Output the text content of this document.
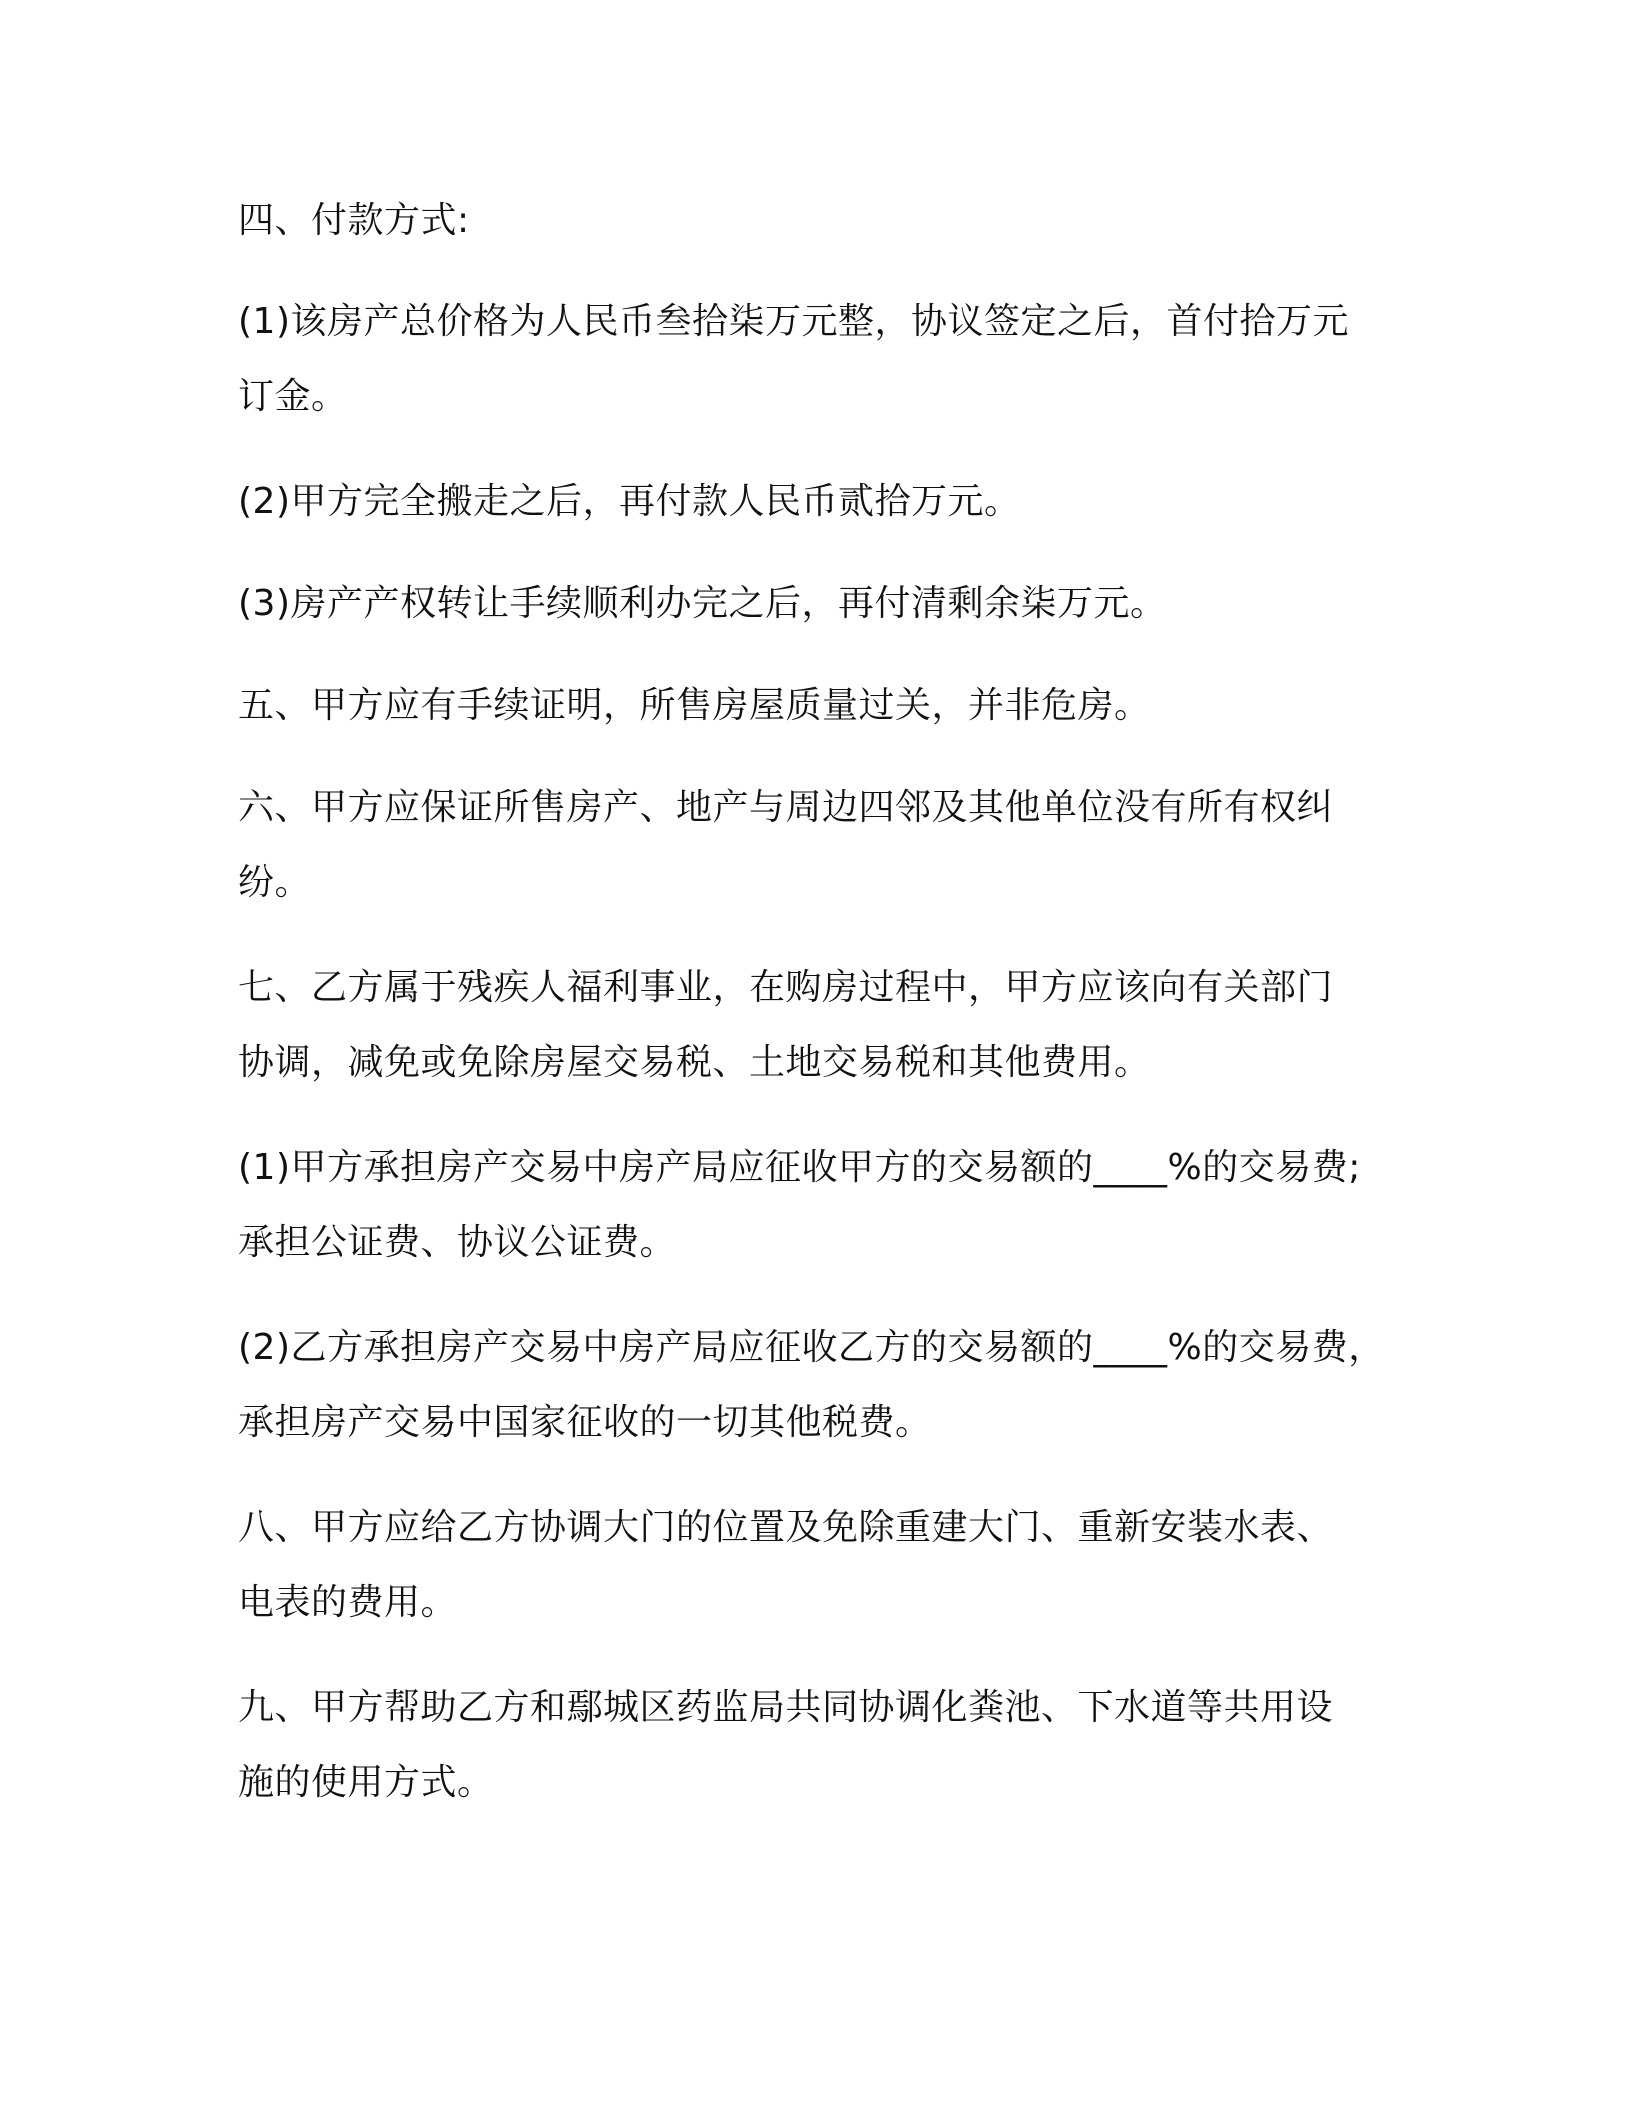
四、付款方式:

(1)该房产总价格为人民币叁拾柒万元整，协议签定之后，首付拾万元
订金。

(2)甲方完全搬走之后，再付款人民币贰拾万元。

(3)房产产权转让手续顺利办完之后，再付清剩余柒万元。

五、甲方应有手续证明，所售房屋质量过关，并非危房。

六、甲方应保证所售房产、地产与周边四邻及其他单位没有所有权纠
纷。

七、乙方属于残疾人福利事业，在购房过程中，甲方应该向有关部门
协调，减免或免除房屋交易税、土地交易税和其他费用。

(1)甲方承担房产交易中房产局应征收甲方的交易额的____%的交易费;
承担公证费、协议公证费。

(2)乙方承担房产交易中房产局应征收乙方的交易额的____%的交易费，
承担房产交易中国家征收的一切其他税费。

八、甲方应给乙方协调大门的位置及免除重建大门、重新安装水表、
电表的费用。

九、甲方帮助乙方和鄢城区药监局共同协调化粪池、下水道等共用设
施的使用方式。
